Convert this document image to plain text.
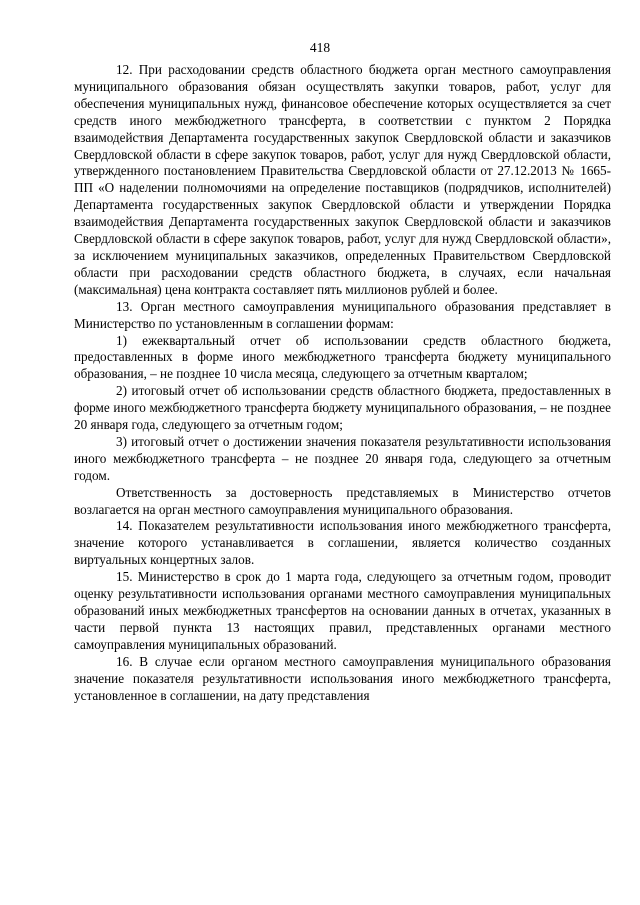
418

12. При расходовании средств областного бюджета орган местного самоуправления муниципального образования обязан осуществлять закупки товаров, работ, услуг для обеспечения муниципальных нужд, финансовое обеспечение которых осуществляется за счет средств иного межбюджетного трансферта, в соответствии с пунктом 2 Порядка взаимодействия Департамента государственных закупок Свердловской области и заказчиков Свердловской области в сфере закупок товаров, работ, услуг для нужд Свердловской области, утвержденного постановлением Правительства Свердловской области от 27.12.2013 № 1665-ПП «О наделении полномочиями на определение поставщиков (подрядчиков, исполнителей) Департамента государственных закупок Свердловской области и утверждении Порядка взаимодействия Департамента государственных закупок Свердловской области и заказчиков Свердловской области в сфере закупок товаров, работ, услуг для нужд Свердловской области», за исключением муниципальных заказчиков, определенных Правительством Свердловской области при расходовании средств областного бюджета, в случаях, если начальная (максимальная) цена контракта составляет пять миллионов рублей и более.

13. Орган местного самоуправления муниципального образования представляет в Министерство по установленным в соглашении формам:

1) ежеквартальный отчет об использовании средств областного бюджета, предоставленных в форме иного межбюджетного трансферта бюджету муниципального образования, – не позднее 10 числа месяца, следующего за отчетным кварталом;

2) итоговый отчет об использовании средств областного бюджета, предоставленных в форме иного межбюджетного трансферта бюджету муниципального образования, – не позднее 20 января года, следующего за отчетным годом;

3) итоговый отчет о достижении значения показателя результативности использования иного межбюджетного трансферта – не позднее 20 января года, следующего за отчетным годом.

Ответственность за достоверность представляемых в Министерство отчетов возлагается на орган местного самоуправления муниципального образования.

14. Показателем результативности использования иного межбюджетного трансферта, значение которого устанавливается в соглашении, является количество созданных виртуальных концертных залов.

15. Министерство в срок до 1 марта года, следующего за отчетным годом, проводит оценку результативности использования органами местного самоуправления муниципальных образований иных межбюджетных трансфертов на основании данных в отчетах, указанных в части первой пункта 13 настоящих правил, представленных органами местного самоуправления муниципальных образований.

16. В случае если органом местного самоуправления муниципального образования значение показателя результативности использования иного межбюджетного трансферта, установленное в соглашении, на дату представления
